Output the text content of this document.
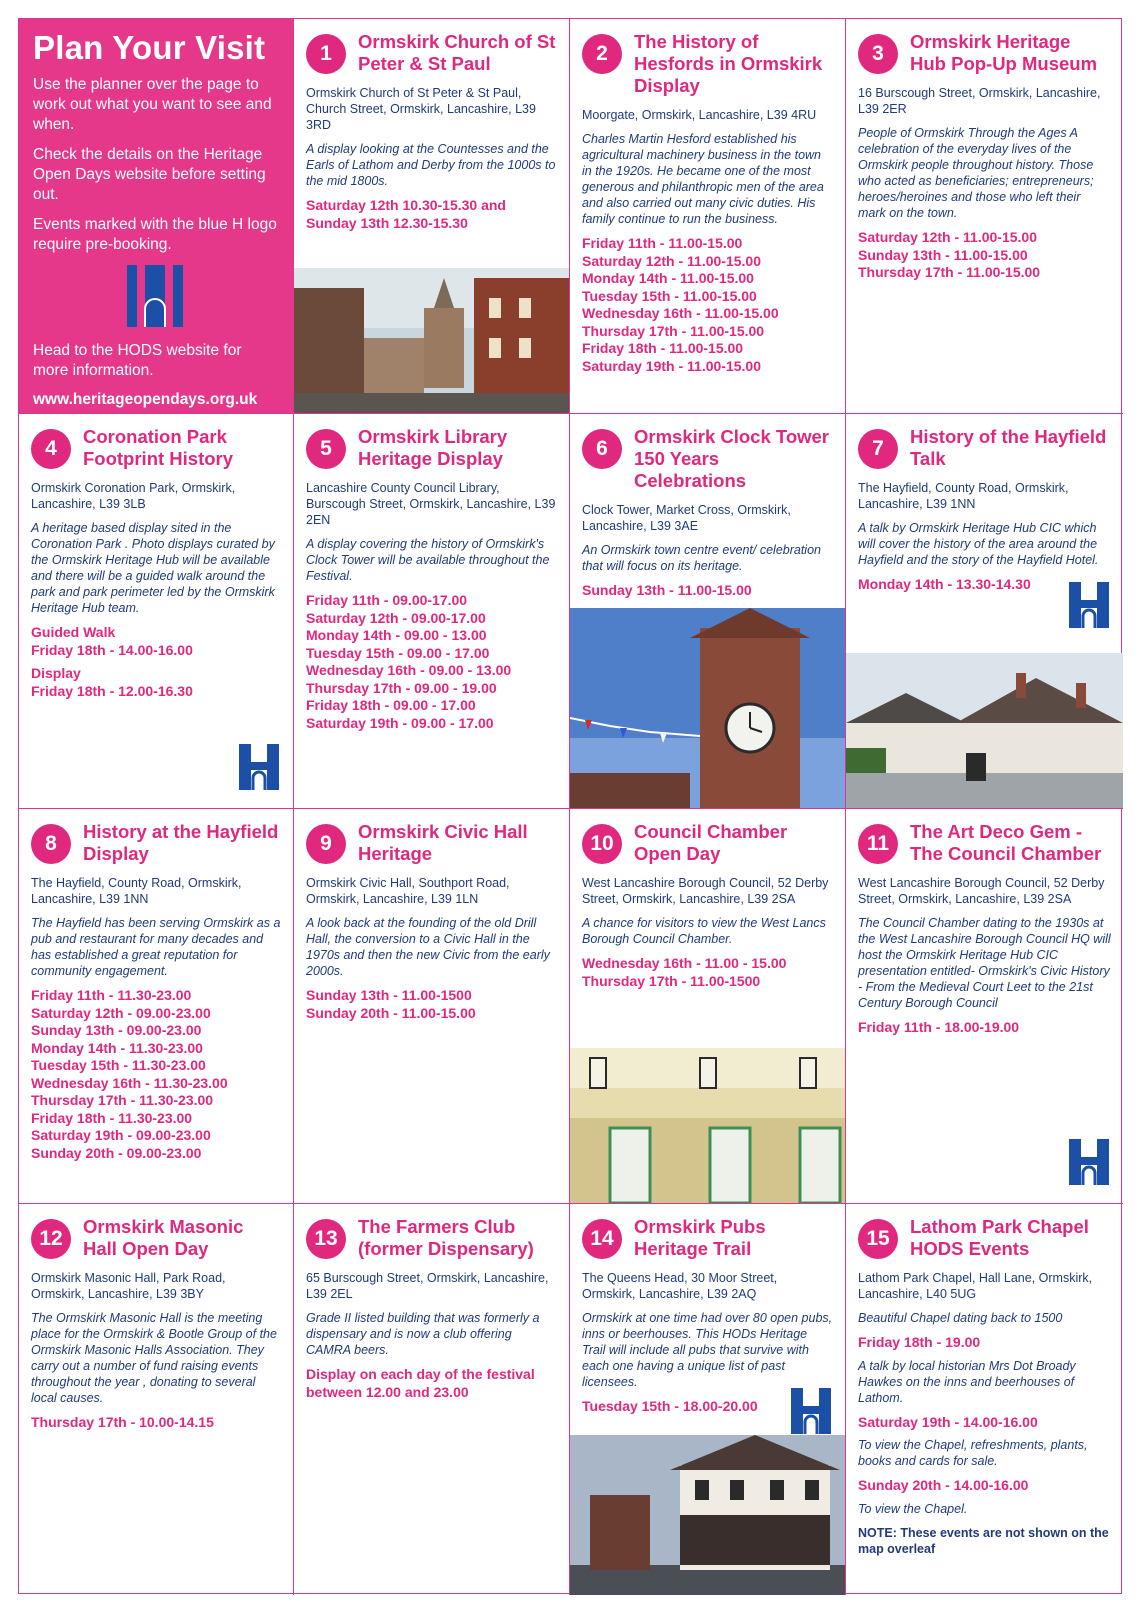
Plan Your Visit

Use the planner over the page to work out what you want to see and when.

Check the details on the Heritage Open Days website before setting out.

Events marked with the blue H logo require pre-booking.

Head to the HODS website for more information.

www.heritageopendays.org.uk
1
Ormskirk Church of St Peter & St Paul
Ormskirk Church of St Peter & St Paul, Church Street, Ormskirk, Lancashire, L39 3RD
A display looking at the Countesses and the Earls of Lathom and Derby from the 1000s to the mid 1800s.
Saturday 12th 10.30-15.30 and
Sunday 13th 12.30-15.30
2
The History of Hesfords in Ormskirk Display
Moorgate, Ormskirk, Lancashire, L39 4RU
Charles Martin Hesford established his agricultural machinery business in the town in the 1920s. He became one of the most generous and philanthropic men of the area and also carried out many civic duties. His family continue to run the business.
Friday 11th - 11.00-15.00
Saturday 12th - 11.00-15.00
Monday 14th - 11.00-15.00
Tuesday 15th - 11.00-15.00
Wednesday 16th - 11.00-15.00
Thursday 17th - 11.00-15.00
Friday 18th - 11.00-15.00
Saturday 19th - 11.00-15.00
3
Ormskirk Heritage Hub Pop-Up Museum
16 Burscough Street, Ormskirk, Lancashire, L39 2ER
People of Ormskirk Through the Ages A celebration of the everyday lives of the Ormskirk people throughout history. Those who acted as beneficiaries; entrepreneurs; heroes/heroines and those who left their mark on the town.
Saturday 12th - 11.00-15.00
Sunday 13th - 11.00-15.00
Thursday 17th - 11.00-15.00
4
Coronation Park Footprint History
Ormskirk Coronation Park, Ormskirk, Lancashire, L39 3LB
A heritage based display sited in the Coronation Park . Photo displays curated by the Ormskirk Heritage Hub will be available and there will be a guided walk around the park and park perimeter led by the Ormskirk Heritage Hub team.
Guided Walk
Friday 18th - 14.00-16.00
Display
Friday 18th - 12.00-16.30
5
Ormskirk Library Heritage Display
Lancashire County Council Library, Burscough Street, Ormskirk, Lancashire, L39 2EN
A display covering the history of Ormskirk's Clock Tower will be available throughout the Festival.
Friday 11th - 09.00-17.00
Saturday 12th - 09.00-17.00
Monday 14th - 09.00 - 13.00
Tuesday 15th - 09.00 - 17.00
Wednesday 16th - 09.00 - 13.00
Thursday 17th - 09.00 - 19.00
Friday 18th - 09.00 - 17.00
Saturday 19th - 09.00 - 17.00
6
Ormskirk Clock Tower 150 Years Celebrations
Clock Tower, Market Cross, Ormskirk, Lancashire, L39 3AE
An Ormskirk town centre event/ celebration that will focus on its heritage.
Sunday 13th - 11.00-15.00
7
History of the Hayfield Talk
The Hayfield, County Road, Ormskirk, Lancashire, L39 1NN
A talk by Ormskirk Heritage Hub CIC which will cover the history of the area around the Hayfield and the story of the Hayfield Hotel.
Monday 14th - 13.30-14.30
8
History at the Hayfield Display
The Hayfield, County Road, Ormskirk, Lancashire, L39 1NN
The Hayfield has been serving Ormskirk as a pub and restaurant for many decades and has established a great reputation for community engagement.
Friday 11th - 11.30-23.00
Saturday 12th - 09.00-23.00
Sunday 13th - 09.00-23.00
Monday 14th - 11.30-23.00
Tuesday 15th - 11.30-23.00
Wednesday 16th - 11.30-23.00
Thursday 17th - 11.30-23.00
Friday 18th - 11.30-23.00
Saturday 19th - 09.00-23.00
Sunday 20th - 09.00-23.00
9
Ormskirk Civic Hall Heritage
Ormskirk Civic Hall, Southport Road, Ormskirk, Lancashire, L39 1LN
A look back at the founding of the old Drill Hall, the conversion to a Civic Hall in the 1970s and then the new Civic from the early 2000s.
Sunday 13th - 11.00-1500
Sunday 20th - 11.00-15.00
10
Council Chamber Open Day
West Lancashire Borough Council, 52 Derby Street, Ormskirk, Lancashire, L39 2SA
A chance for visitors to view the West Lancs Borough Council Chamber.
Wednesday 16th - 11.00 - 15.00
Thursday 17th - 11.00-1500
11
The Art Deco Gem - The Council Chamber
West Lancashire Borough Council, 52 Derby Street, Ormskirk, Lancashire, L39 2SA
The Council Chamber dating to the 1930s at the West Lancashire Borough Council HQ will host the Ormskirk Heritage Hub CIC presentation entitled- Ormskirk's Civic History - From the Medieval Court Leet to the 21st Century Borough Council
Friday 11th - 18.00-19.00
12
Ormskirk Masonic Hall Open Day
Ormskirk Masonic Hall, Park Road, Ormskirk, Lancashire, L39 3BY
The Ormskirk Masonic Hall is the meeting place for the Ormskirk & Bootle Group of the Ormskirk Masonic Halls Association. They carry out a number of fund raising events throughout the year , donating to several local causes.
Thursday 17th - 10.00-14.15
13
The Farmers Club (former Dispensary)
65 Burscough Street, Ormskirk, Lancashire, L39 2EL
Grade II listed building that was formerly a dispensary and is now a club offering CAMRA beers.
Display on each day of the festival
between 12.00 and 23.00
14
Ormskirk Pubs Heritage Trail
The Queens Head, 30 Moor Street, Ormskirk, Lancashire, L39 2AQ
Ormskirk at one time had over 80 open pubs, inns or beerhouses. This HODs Heritage Trail will include all pubs that survive with each one having a unique list of past licensees.
Tuesday 15th - 18.00-20.00
15
Lathom Park Chapel HODS Events
Lathom Park Chapel, Hall Lane, Ormskirk, Lancashire, L40 5UG
Beautiful Chapel dating back to 1500
Friday 18th - 19.00
A talk by local historian Mrs Dot Broady Hawkes on the inns and beerhouses of Lathom.
Saturday 19th - 14.00-16.00
To view the Chapel, refreshments, plants, books and cards for sale.
Sunday 20th - 14.00-16.00
To view the Chapel.
NOTE: These events are not shown on the map overleaf
